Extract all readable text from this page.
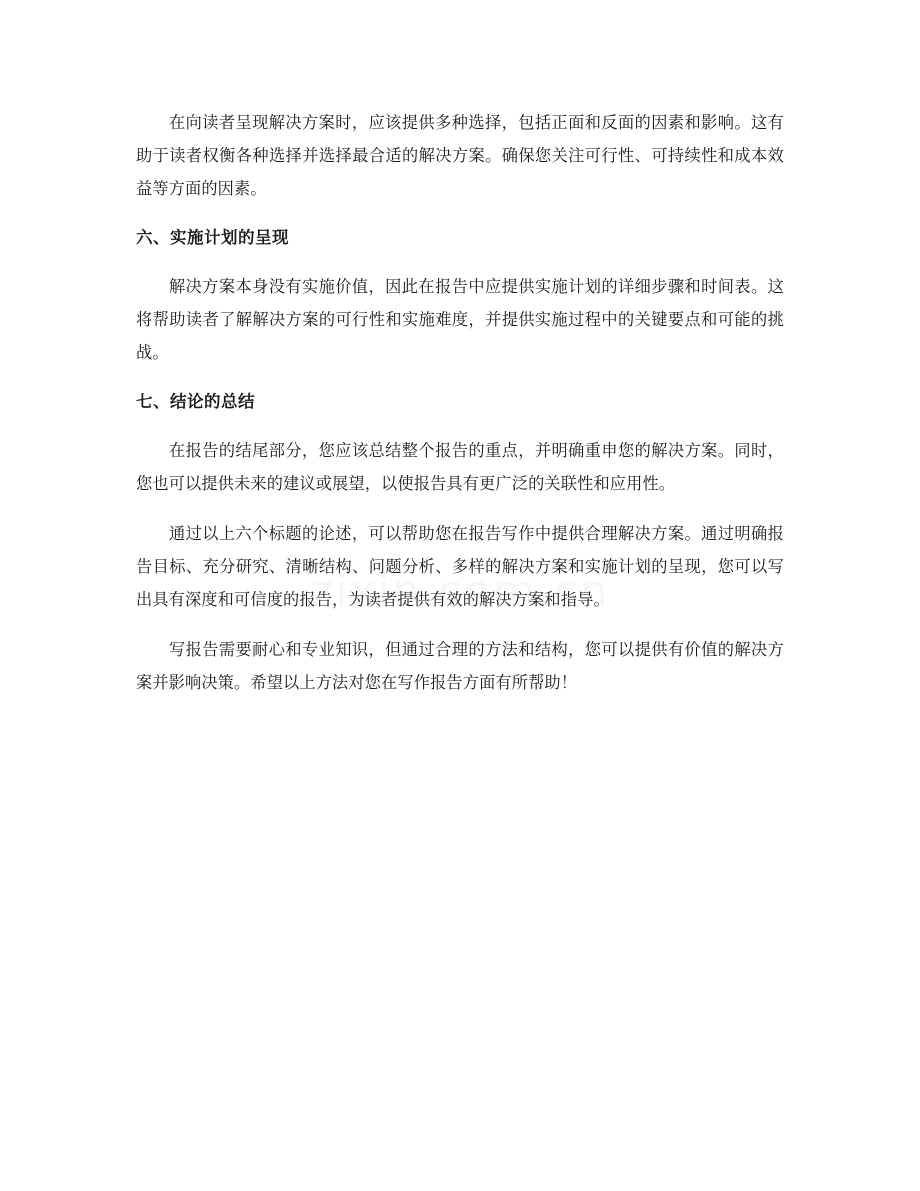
在向读者呈现解决方案时，应该提供多种选择，包括正面和反面的因素和影响。这有助于读者权衡各种选择并选择最合适的解决方案。确保您关注可行性、可持续性和成本效益等方面的因素。

六、实施计划的呈现

解决方案本身没有实施价值，因此在报告中应提供实施计划的详细步骤和时间表。这将帮助读者了解解决方案的可行性和实施难度，并提供实施过程中的关键要点和可能的挑战。

七、结论的总结

在报告的结尾部分，您应该总结整个报告的重点，并明确重申您的解决方案。同时，您也可以提供未来的建议或展望，以使报告具有更广泛的关联性和应用性。

通过以上六个标题的论述，可以帮助您在报告写作中提供合理解决方案。通过明确报告目标、充分研究、清晰结构、问题分析、多样的解决方案和实施计划的呈现，您可以写出具有深度和可信度的报告，为读者提供有效的解决方案和指导。

写报告需要耐心和专业知识，但通过合理的方法和结构，您可以提供有价值的解决方案并影响决策。希望以上方法对您在写作报告方面有所帮助！
